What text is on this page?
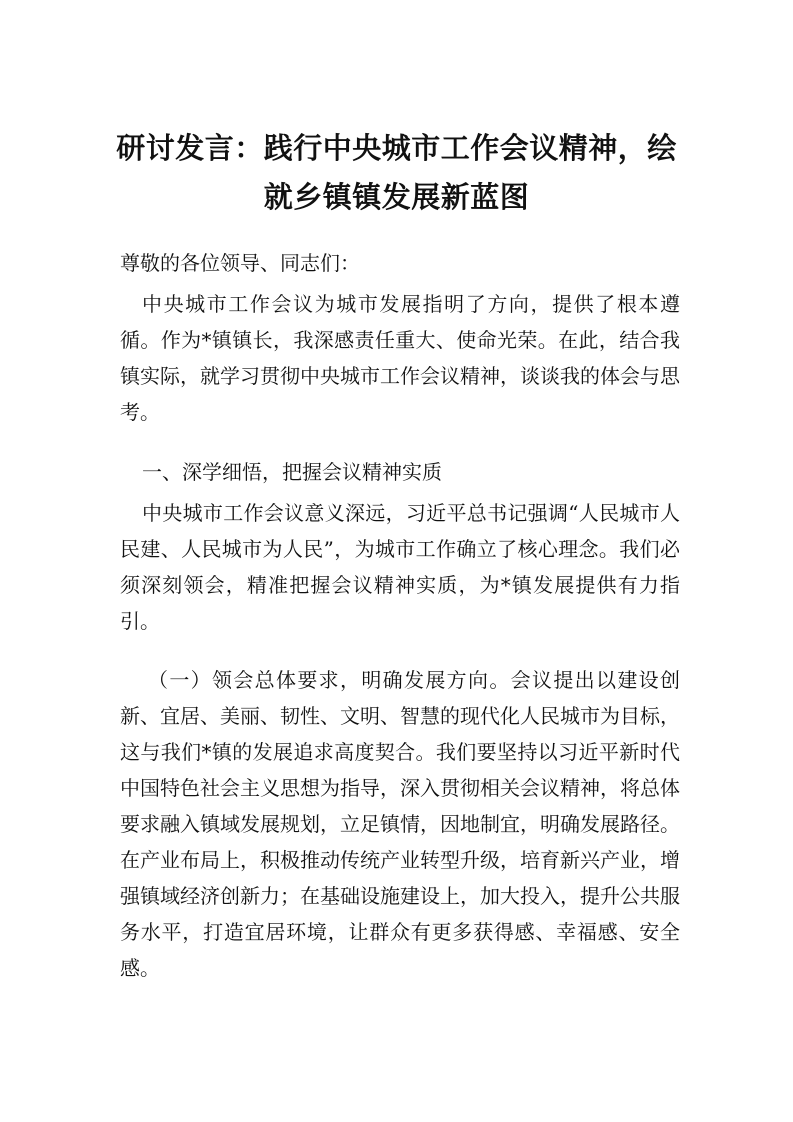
研讨发言：践行中央城市工作会议精神，绘
就乡镇镇发展新蓝图

尊敬的各位领导、同志们：

中央城市工作会议为城市发展指明了方向，提供了根本遵循。作为*镇镇长，我深感责任重大、使命光荣。在此，结合我镇实际，就学习贯彻中央城市工作会议精神，谈谈我的体会与思考。

一、深学细悟，把握会议精神实质

中央城市工作会议意义深远，习近平总书记强调“人民城市人民建、人民城市为人民”，为城市工作确立了核心理念。我们必须深刻领会，精准把握会议精神实质，为*镇发展提供有力指引。

（一）领会总体要求，明确发展方向。会议提出以建设创新、宜居、美丽、韧性、文明、智慧的现代化人民城市为目标，这与我们*镇的发展追求高度契合。我们要坚持以习近平新时代中国特色社会主义思想为指导，深入贯彻相关会议精神，将总体要求融入镇域发展规划，立足镇情，因地制宜，明确发展路径。在产业布局上，积极推动传统产业转型升级，培育新兴产业，增强镇域经济创新力；在基础设施建设上，加大投入，提升公共服务水平，打造宜居环境，让群众有更多获得感、幸福感、安全感。
